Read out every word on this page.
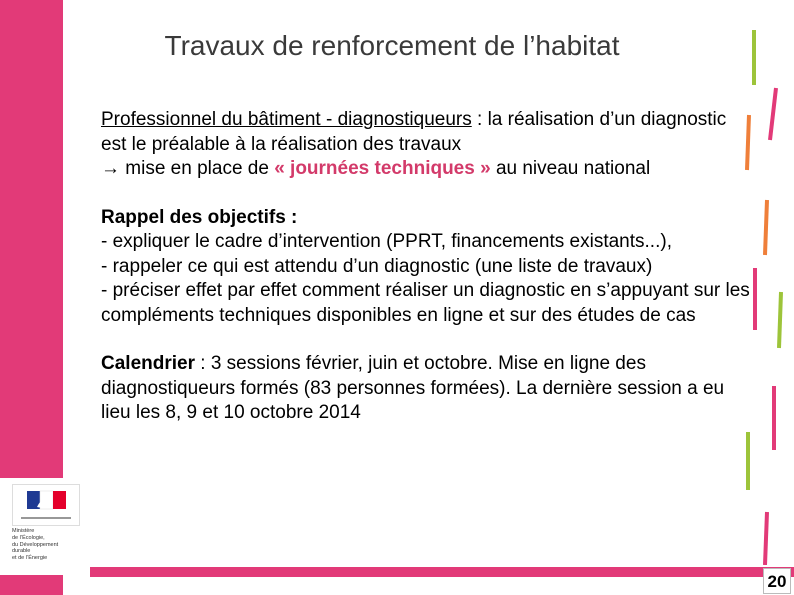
Travaux de renforcement de l’habitat

Professionnel du bâtiment - diagnostiqueurs : la réalisation d’un diagnostic est le préalable à la réalisation des travaux
→ mise en place de « journées techniques » au niveau national

Rappel des objectifs :
- expliquer le cadre d’intervention (PPRT, financements existants...),
- rappeler ce qui est attendu d’un diagnostic (une liste de travaux)
- préciser effet par effet comment réaliser un diagnostic en s’appuyant sur les compléments techniques disponibles en ligne et sur des études de cas

Calendrier : 3 sessions février, juin et octobre. Mise en ligne des diagnostiqueurs formés (83 personnes formées). La dernière session a eu lieu les 8, 9 et 10 octobre 2014

Ministère
de l’Écologie,
du Développement
durable
et de l’Énergie
20
